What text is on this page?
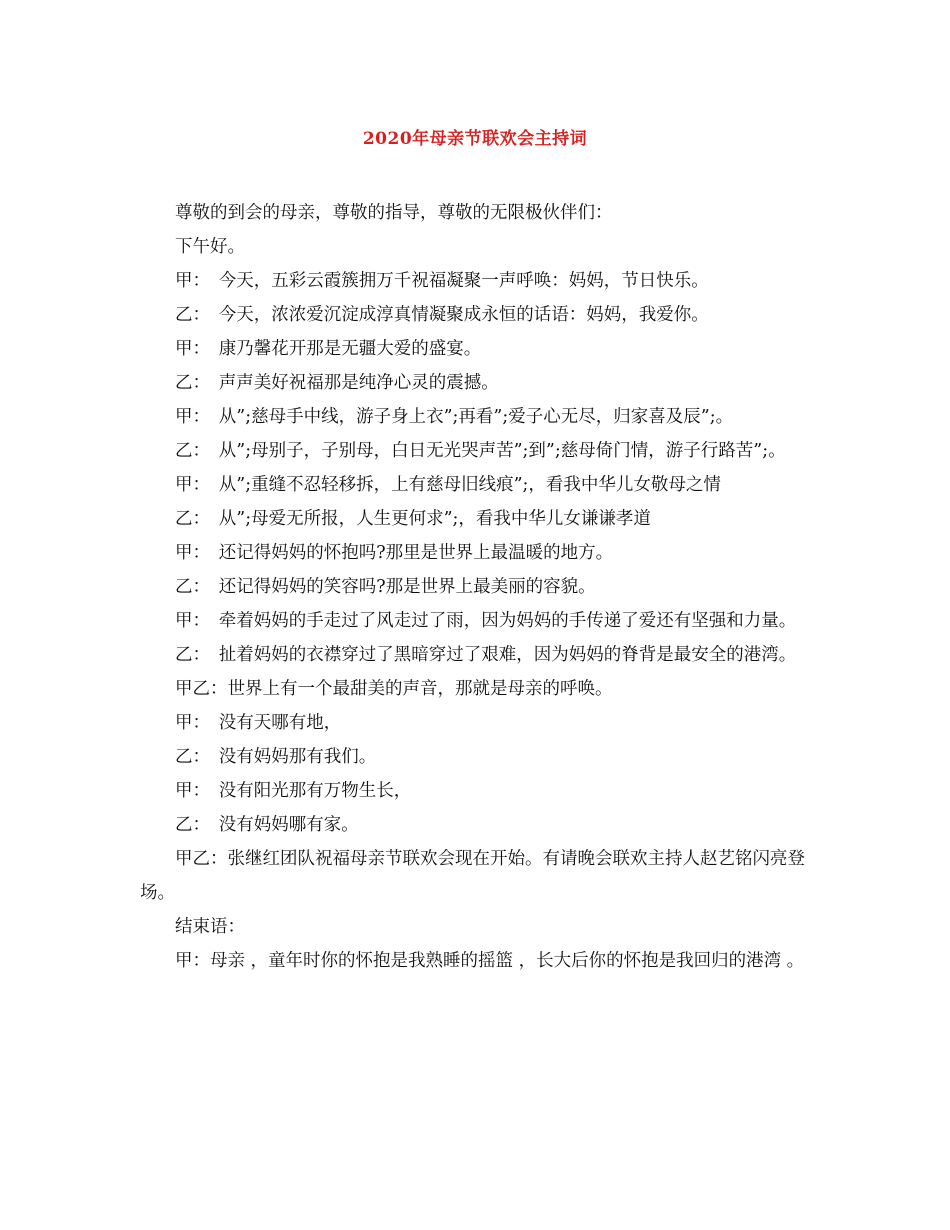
2020年母亲节联欢会主持词

尊敬的到会的母亲，尊敬的指导，尊敬的无限极伙伴们：

下午好。

甲：　今天，五彩云霞簇拥万千祝福凝聚一声呼唤：妈妈，节日快乐。

乙：　今天，浓浓爱沉淀成淳真情凝聚成永恒的话语：妈妈，我爱你。

甲：　康乃馨花开那是无疆大爱的盛宴。

乙：　声声美好祝福那是纯净心灵的震撼。

甲：　从”;慈母手中线，游子身上衣”;再看”;爱子心无尽，归家喜及辰”;。

乙：　从”;母别子，子别母，白日无光哭声苦”;到”;慈母倚门情，游子行路苦”;。

甲：　从”;重缝不忍轻移拆，上有慈母旧线痕”;，看我中华儿女敬母之情

乙：　从”;母爱无所报，人生更何求”;，看我中华儿女谦谦孝道

甲：　还记得妈妈的怀抱吗?那里是世界上最温暖的地方。

乙：　还记得妈妈的笑容吗?那是世界上最美丽的容貌。

甲：　牵着妈妈的手走过了风走过了雨，因为妈妈的手传递了爱还有坚强和力量。

乙：　扯着妈妈的衣襟穿过了黑暗穿过了艰难，因为妈妈的脊背是最安全的港湾。

甲乙：世界上有一个最甜美的声音，那就是母亲的呼唤。

甲：　没有天哪有地，

乙：　没有妈妈那有我们。

甲：　没有阳光那有万物生长，

乙：　没有妈妈哪有家。

甲乙：张继红团队祝福母亲节联欢会现在开始。有请晚会联欢主持人赵艺铭闪亮登场。

结束语：

甲：母亲 ，童年时你的怀抱是我熟睡的摇篮 ，长大后你的怀抱是我回归的港湾 。
